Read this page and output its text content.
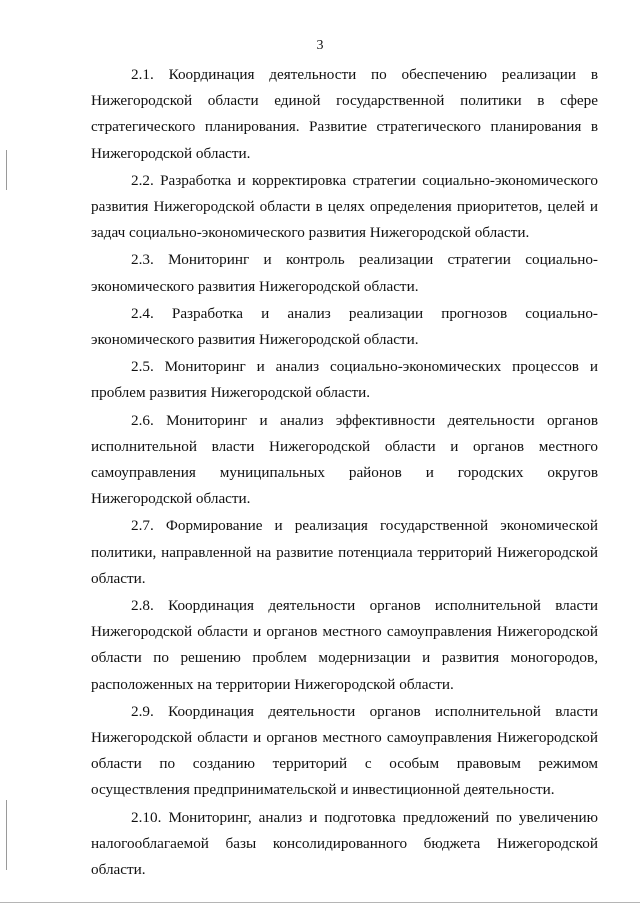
3

2.1. Координация деятельности по обеспечению реализации в Нижегородской области единой государственной политики в сфере стратегического планирования. Развитие стратегического планирования в Нижегородской области.

2.2. Разработка и корректировка стратегии социально-экономического развития Нижегородской области в целях определения приоритетов, целей и задач социально-экономического развития Нижегородской области.

2.3. Мониторинг и контроль реализации стратегии социально-экономического развития Нижегородской области.

2.4. Разработка и анализ реализации прогнозов социально-экономического развития Нижегородской области.

2.5. Мониторинг и анализ социально-экономических процессов и проблем развития Нижегородской области.

2.6. Мониторинг и анализ эффективности деятельности органов исполнительной власти Нижегородской области и органов местного самоуправления муниципальных районов и городских округов Нижегородской области.

2.7. Формирование и реализация государственной экономической политики, направленной на развитие потенциала территорий Нижегородской области.

2.8. Координация деятельности органов исполнительной власти Нижегородской области и органов местного самоуправления Нижегородской области по решению проблем модернизации и развития моногородов, расположенных на территории Нижегородской области.

2.9. Координация деятельности органов исполнительной власти Нижегородской области и органов местного самоуправления Нижегородской области по созданию территорий с особым правовым режимом осуществления предпринимательской и инвестиционной деятельности.

2.10. Мониторинг, анализ и подготовка предложений по увеличению налогооблагаемой базы консолидированного бюджета Нижегородской области.
